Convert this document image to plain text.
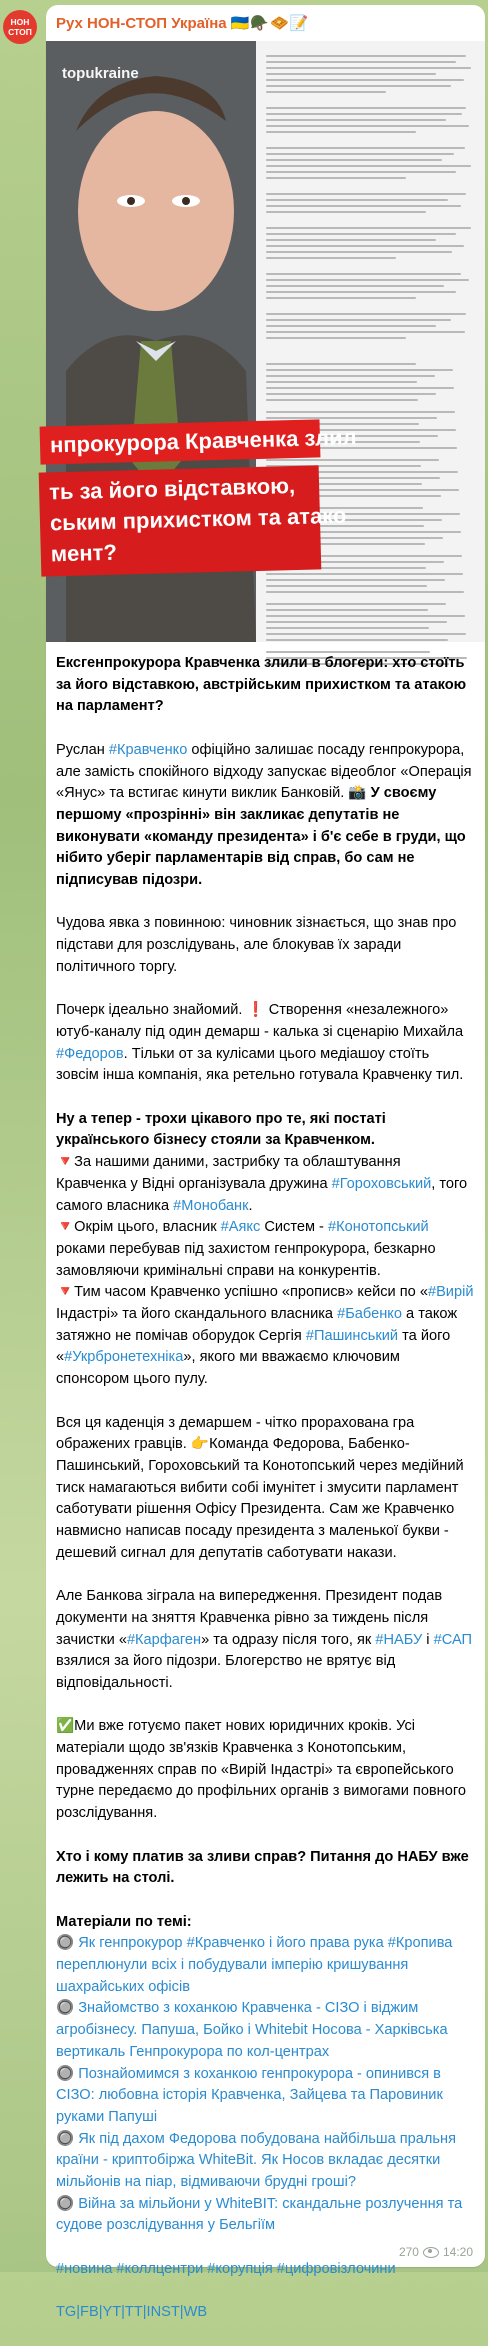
НОН
СТОП Рух НОН-СТОП Україна 🇺🇦🪖🧇📝
topukraine
нпрокурора Кравченка злил
ть за його відставкою,
ським прихистком та атако
мент?

Ексгенпрокурора Кравченка злили в блогери: хто стоїть за його відставкою, австрійським прихистком та атакою на парламент?

Руслан #Кравченко офіційно залишає посаду генпрокурора, але замість спокійного відходу запускає відеоблог «Операція «Янус» та встигає кинути виклик Банковій. 📸 У своєму першому «прозрінні» він закликає депутатів не виконувати «команду президента» і б'є себе в груди, що нібито уберіг парламентарів від справ, бо сам не підписував підозри.

Чудова явка з повинною: чиновник зізнається, що знав про підстави для розслідувань, але блокував їх заради політичного торгу.

Почерк ідеально знайомий. ❗ Створення «незалежного» ютуб-каналу під один демарш - калька зі сценарію Михайла #Федоров. Тільки от за кулісами цього медіашоу стоїть зовсім інша компанія, яка ретельно готувала Кравченку тил.

Ну а тепер - трохи цікавого про те, які постаті українського бізнесу стояли за Кравченком.
🔻За нашими даними, застрибку та облаштування Кравченка у Відні організувала дружина #Гороховський, того самого власника #Монобанк.
🔻Окрім цього, власник #Аякс Систем - #Конотопський роками перебував під захистом генпрокурора, безкарно замовляючи кримінальні справи на конкурентів.
🔻Тим часом Кравченко успішно «прописв» кейси по «#Вирій Індастрі» та його скандального власника #Бабенко а також затяжно не помічав оборудок Сергія #Пашинський та його «#Укрбронетехніка», якого ми вважаємо ключовим спонсором цього пулу.

Вся ця каденція з демаршем - чітко прорахована гра ображених гравців. 👉Команда Федорова, Бабенко-Пашинський, Гороховський та Конотопський через медійний тиск намагаються вибити собі імунітет і змусити парламент саботувати рішення Офісу Президента. Сам же Кравченко навмисно написав посаду президента з маленької букви - дешевий сигнал для депутатів саботувати накази.

Але Банкова зіграла на випередження. Президент подав документи на зняття Кравченка рівно за тиждень після зачистки «#Карфаген» та одразу після того, як #НАБУ і #САП взялися за його підозри. Блогерство не врятує від відповідальності.

✅Ми вже готуємо пакет нових юридичних кроків. Усі матеріали щодо зв'язків Кравченка з Конотопським, провадженнях справ по «Вирій Індастрі» та європейського турне передаємо до профільних органів з вимогами повного розслідування.

Хто і кому платив за зливи справ? Питання до НАБУ вже лежить на столі.

Матеріали по темі:
🔘 Як генпрокурор #Кравченко і його права рука #Кропива переплюнули всіх і побудували імперію кришування шахрайських офісів
🔘 Знайомство з коханкою Кравченка - СІЗО і віджим агробізнесу. Папуша, Бойко і Whitebit Носова - Харківська вертикаль Генпрокурора по кол-центрах
🔘 Познайомимся з коханкою генпрокурора - опинився в СІЗО: любовна історія Кравченка, Зайцева та Паровиник руками Папуші
🔘 Як під дахом Федорова побудована найбільша пральня країни - криптобіржа WhiteBit. Як Носов вкладає десятки мільйонів на піар, відмиваючи брудні гроші?
🔘 Війна за мільйони у WhiteBIT: скандальне розлучення та судове розслідування у Бельгіїм

#новина #коллцентри #корупція #цифровізлочини

TG|FB|YT|TT|INST|WB

270 14:20
